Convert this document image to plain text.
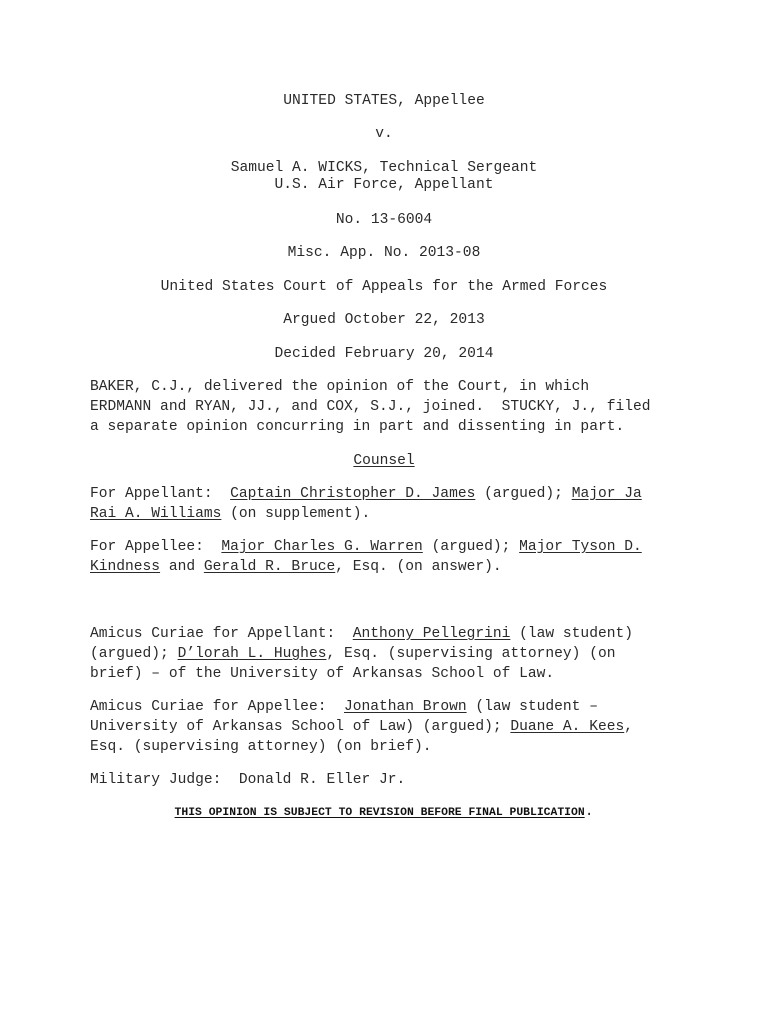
UNITED STATES, Appellee
v.
Samuel A. WICKS, Technical Sergeant
U.S. Air Force, Appellant
No. 13-6004
Misc. App. No. 2013-08
United States Court of Appeals for the Armed Forces
Argued October 22, 2013
Decided February 20, 2014
BAKER, C.J., delivered the opinion of the Court, in which
ERDMANN and RYAN, JJ., and COX, S.J., joined.  STUCKY, J., filed
a separate opinion concurring in part and dissenting in part.
Counsel
For Appellant:  Captain Christopher D. James (argued); Major Ja
Rai A. Williams (on supplement).
For Appellee:  Major Charles G. Warren (argued); Major Tyson D.
Kindness and Gerald R. Bruce, Esq. (on answer).
Amicus Curiae for Appellant:  Anthony Pellegrini (law student)
(argued); D’lorah L. Hughes, Esq. (supervising attorney) (on
brief) – of the University of Arkansas School of Law.
Amicus Curiae for Appellee:  Jonathan Brown (law student –
University of Arkansas School of Law) (argued); Duane A. Kees,
Esq. (supervising attorney) (on brief).
Military Judge:  Donald R. Eller Jr.
THIS OPINION IS SUBJECT TO REVISION BEFORE FINAL PUBLICATION.
